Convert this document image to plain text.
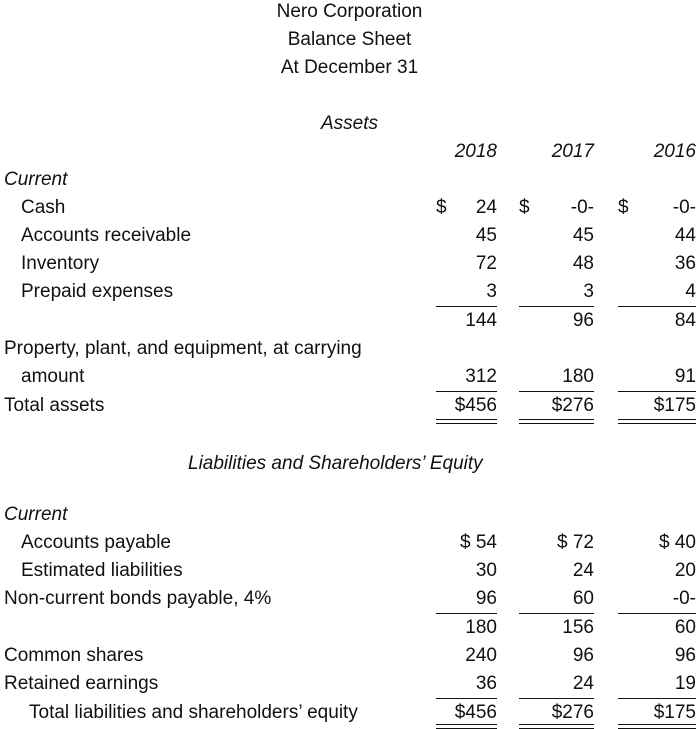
Nero Corporation
Balance Sheet
At December 31
Assets
2018	2017	2016
Current
Cash	$ 24 $ -0- $ -0-
Accounts receivable	45	45	44
Inventory	72	48	36
Prepaid expenses	3	3	4
144	96	84
Property, plant, and equipment, at carrying
amount	312	180	91
Total assets	$456	$276	$175
Liabilities and Shareholders’ Equity
Current
Accounts payable	$ 54	$ 72	$ 40
Estimated liabilities	30	24	20
Non-current bonds payable, 4%	96	60	-0-
180	156	60
Common shares	240	96	96
Retained earnings	36	24	19
Total liabilities and shareholders’ equity	$456	$276	$175
